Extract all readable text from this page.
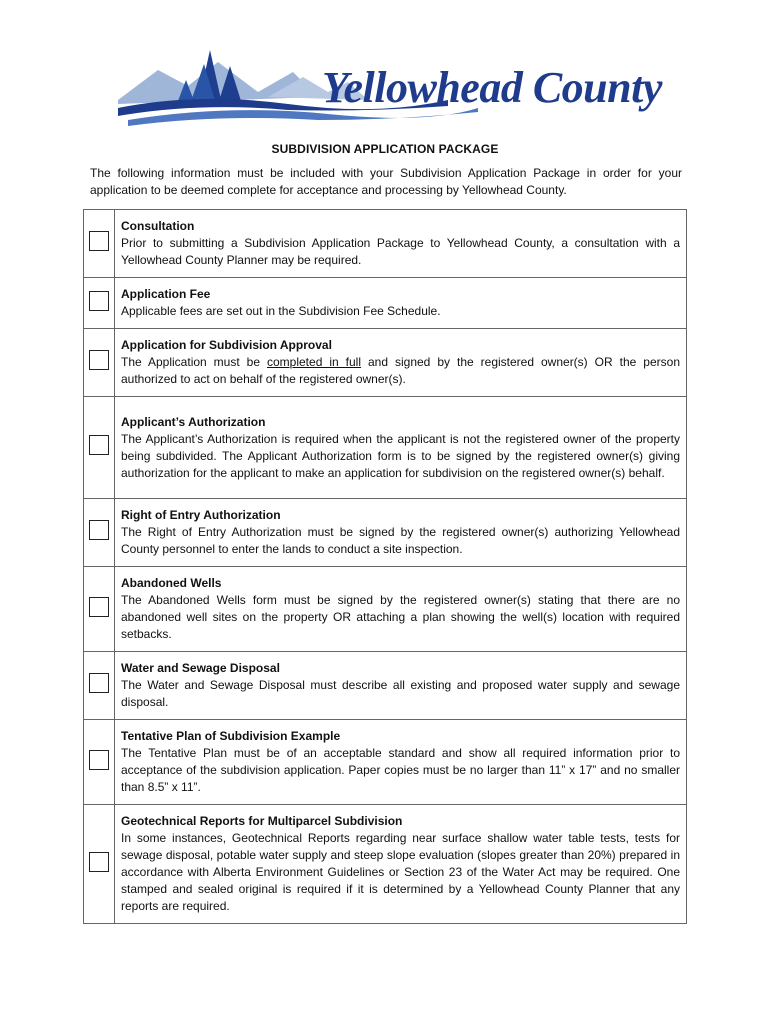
Yellowhead County
SUBDIVISION APPLICATION PACKAGE
The following information must be included with your Subdivision Application Package in order for your application to be deemed complete for acceptance and processing by Yellowhead County.

	Consultation
Prior to submitting a Subdivision Application Package to Yellowhead County, a consultation with a Yellowhead County Planner may be required.

	Application Fee
Applicable fees are set out in the Subdivision Fee Schedule.

	Application for Subdivision Approval
The Application must be completed in full and signed by the registered owner(s) OR the person authorized to act on behalf of the registered owner(s).

	Applicant’s Authorization
The Applicant’s Authorization is required when the applicant is not the registered owner of the property being subdivided. The Applicant Authorization form is to be signed by the registered owner(s) giving authorization for the applicant to make an application for subdivision on the registered owner(s) behalf.

	Right of Entry Authorization
The Right of Entry Authorization must be signed by the registered owner(s) authorizing Yellowhead County personnel to enter the lands to conduct a site inspection.

	Abandoned Wells
The Abandoned Wells form must be signed by the registered owner(s) stating that there are no abandoned well sites on the property OR attaching a plan showing the well(s) location with required setbacks.

	Water and Sewage Disposal
The Water and Sewage Disposal must describe all existing and proposed water supply and sewage disposal.

	Tentative Plan of Subdivision Example
The Tentative Plan must be of an acceptable standard and show all required information prior to acceptance of the subdivision application. Paper copies must be no larger than 11” x 17” and no smaller than 8.5” x 11”.

	Geotechnical Reports for Multiparcel Subdivision
In some instances, Geotechnical Reports regarding near surface shallow water table tests, tests for sewage disposal, potable water supply and steep slope evaluation (slopes greater than 20%) prepared in accordance with Alberta Environment Guidelines or Section 23 of the Water Act may be required. One stamped and sealed original is required if it is determined by a Yellowhead County Planner that any reports are required.
